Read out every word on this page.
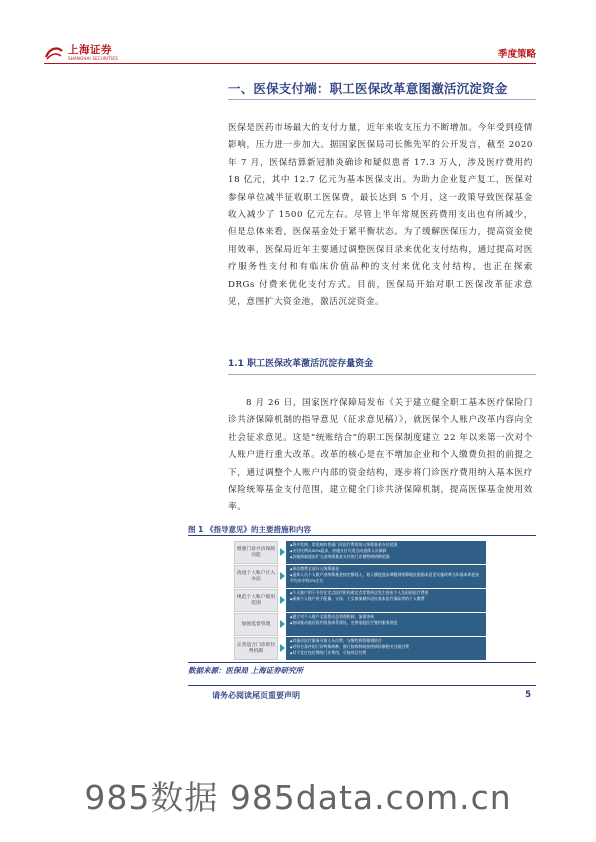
上海证券
SHANGHAI SECURITIES	季度策略
一、医保支付端：职工医保改革意图激活沉淀资金

医保是医药市场最大的支付力量，近年来收支压力不断增加。今年受到疫情影响，压力进一步加大。据国家医保局司长熊先军的公开发言，截至 2020 年 7 月，医保结算新冠肺炎确诊和疑似患者 17.3 万人，涉及医疗费用约 18 亿元，其中 12.7 亿元为基本医保支出。为助力企业复产复工，医保对参保单位减半征收职工医保费，最长达到 5 个月，这一政策导致医保基金收入减少了 1500 亿元左右。尽管上半年常规医药费用支出也有所减少，但是总体来看，医保基金处于紧平衡状态。为了缓解医保压力，提高资金使用效率，医保局近年主要通过调整医保目录来优化支付结构，通过提高对医疗服务性支付和有临床价值品种的支付来优化支付结构，也正在探索 DRGs 付费来优化支付方式。目前，医保局开始对职工医保改革征求意见，意图扩大资金池，激活沉淀资金。

1.1 职工医保改革激活沉淀存量资金

8 月 26 日，国家医疗保障局发布《关于建立健全职工基本医疗保险门诊共济保障机制的指导意见（征求意见稿）》，就医保个人账户改革内容向全社会征求意见。这是“统账结合”的职工医保制度建立 22 年以来第一次对个人账户进行重大改革。改革的核心是在不增加企业和个人缴费负担的前提之下，通过调整个人账户内部的资金结构，逐步将门诊医疗费用纳入基本医疗保险统筹基金支付范围，建立健全门诊共济保障机制，提高医保基金使用效率。

图 1 《指导意见》的主要措施和内容
增强门诊共济保障功能
◆ 将多发病、常见病的普通门诊医疗费用纳入统筹基金支付范围
◆ 支付比例从50%起步，待遇支付可适当向退休人员倾斜
◆ 各地探索逐步扩大由统筹基金支付的门诊慢特病病种范围
改进个人账户计入办法
◆ 单位缴费全部计入统筹基金
◆ 退休人员个人账户由统筹基金按定额划入，划入额度逐步调整到统筹地区根据本意见实施改革当年基本养老金平均水平的2%左右
规范个人账户使用范围
◆ 个人账户用于支付在定点医疗机构或定点零售药店发生的由个人负担的医疗费用
◆ 探索个人账户用于配偶、父母、子女参加城乡居民基本医疗保险等的个人缴费
加强监督管理
◆ 建立对个人账户全流程动态管理机制，加强审核
◆ 协同推动基层医疗服务体系建设，完善家庭医生签约服务规范
完善适合门诊的付费机制
◆ 对基层医疗服务可按人头付费，与慢性病管理相结合
◆ 对符合条件的门诊特殊病种，推行按病种或按疾病诊断相关分组付费
◆ 对不宜打包付费的门诊费用，可按项目付费
数据来源：医保局 上海证券研究所
请务必阅读尾页重要声明	5
985数据 985data.com.cn
